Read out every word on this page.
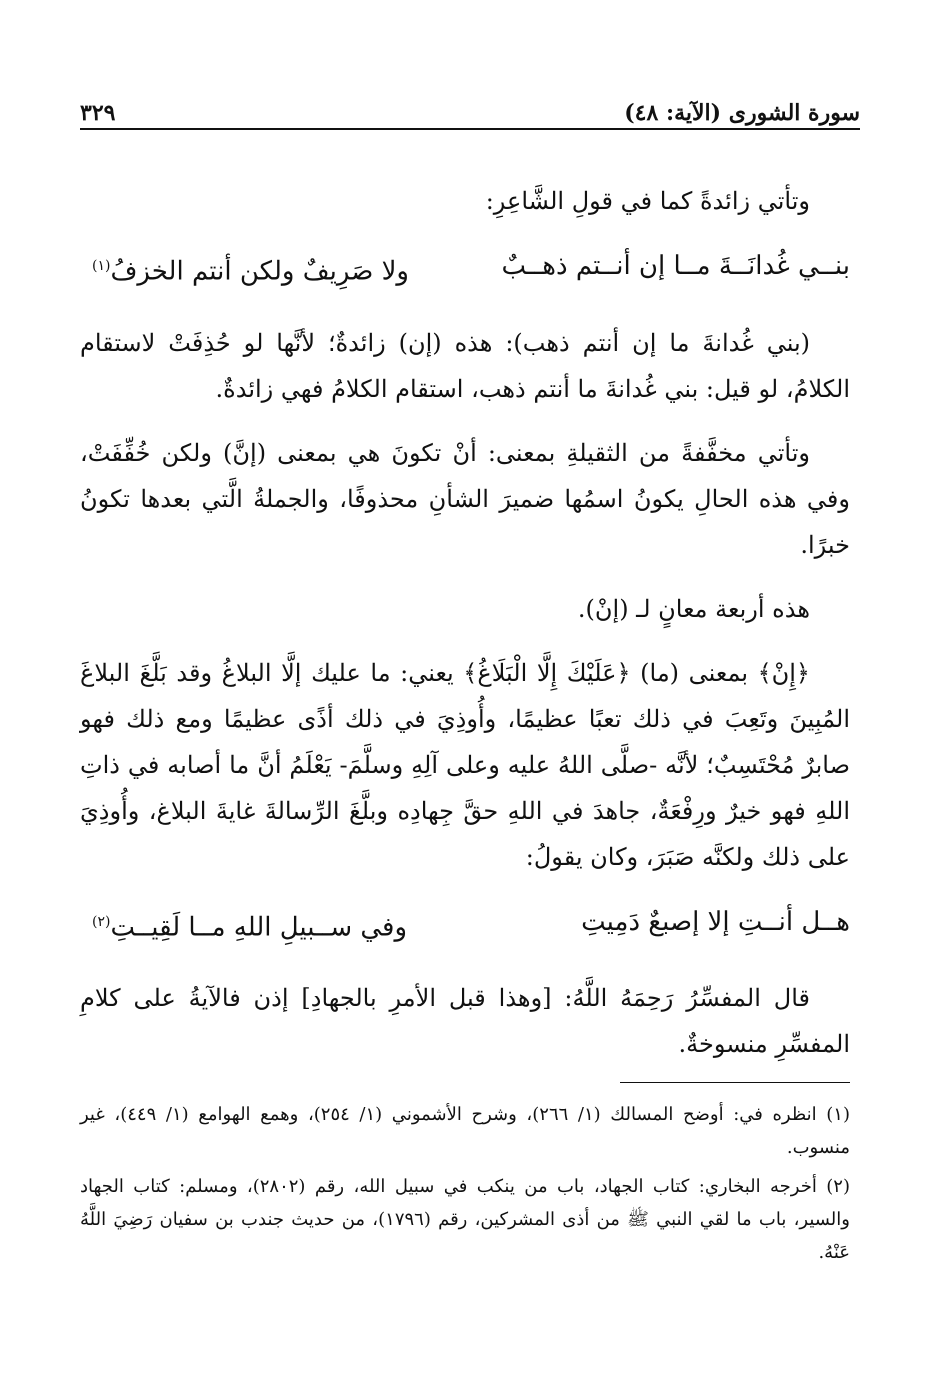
سورة الشورى (الآية: ٤٨)
٣٢٩

وتأتي زائدةً كما في قولِ الشَّاعِرِ:

بنــي غُدانَــةَ مــا إن أنــتم ذهــبٌ
ولا صَرِيفٌ ولكن أنتم الخزفُ$^{(١)}$

(بني غُدانةَ ما إن أنتم ذهب): هذه (إن) زائدةٌ؛ لأنَّها لو حُذِفَتْ لاستقام الكلامُ، لو قيل: بني غُدانةَ ما أنتم ذهب، استقام الكلامُ فهي زائدةٌ.

وتأتي مخفَّفةً من الثقيلةِ بمعنى: أنْ تكونَ هي بمعنى (إنَّ) ولكن خُفِّفَتْ، وفي هذه الحالِ يكونُ اسمُها ضميرَ الشأنِ محذوفًا، والجملةُ الَّتي بعدها تكونُ خبرًا.

هذه أربعة معانٍ لـ (إنْ).

﴿إِنْ﴾ بمعنى (ما) ﴿عَلَيْكَ إِلَّا الْبَلَاغُ﴾ يعني: ما عليك إلَّا البلاغُ وقد بَلَّغَ البلاغَ المُبِينَ وتَعِبَ في ذلك تعبًا عظيمًا، وأُوذِيَ في ذلك أذًى عظيمًا ومع ذلك فهو صابرٌ مُحْتَسِبٌ؛ لأنَّه -صلَّى اللهُ عليه وعلى آلِهِ وسلَّمَ- يَعْلَمُ أنَّ ما أصابه في ذاتِ اللهِ فهو خيرٌ ورِفْعَةٌ، جاهدَ في اللهِ حقَّ جِهادِه وبلَّغَ الرِّسالةَ غايةَ البلاغ، وأُوذِيَ على ذلك ولكنَّه صَبَرَ، وكان يقولُ:

هــل أنــتِ إلا إصبعٌ دَمِيتِ
وفي ســبيلِ اللهِ مــا لَقِيــتِ$^{(٢)}$

قال المفسِّرُ رَحِمَهُ اللَّهُ: [وهذا قبل الأمرِ بالجهادِ] إذن فالآيةُ على كلامِ المفسِّرِ منسوخةٌ.

(١) انظره في: أوضح المسالك (١/ ٢٦٦)، وشرح الأشموني (١/ ٢٥٤)، وهمع الهوامع (١/ ٤٤٩)، غير منسوب.

(٢) أخرجه البخاري: كتاب الجهاد، باب من ينكب في سبيل الله، رقم (٢٨٠٢)، ومسلم: كتاب الجهاد والسير، باب ما لقي النبي ﷺ من أذى المشركين، رقم (١٧٩٦)، من حديث جندب بن سفيان رَضِيَ اللَّهُ عَنْهُ.
